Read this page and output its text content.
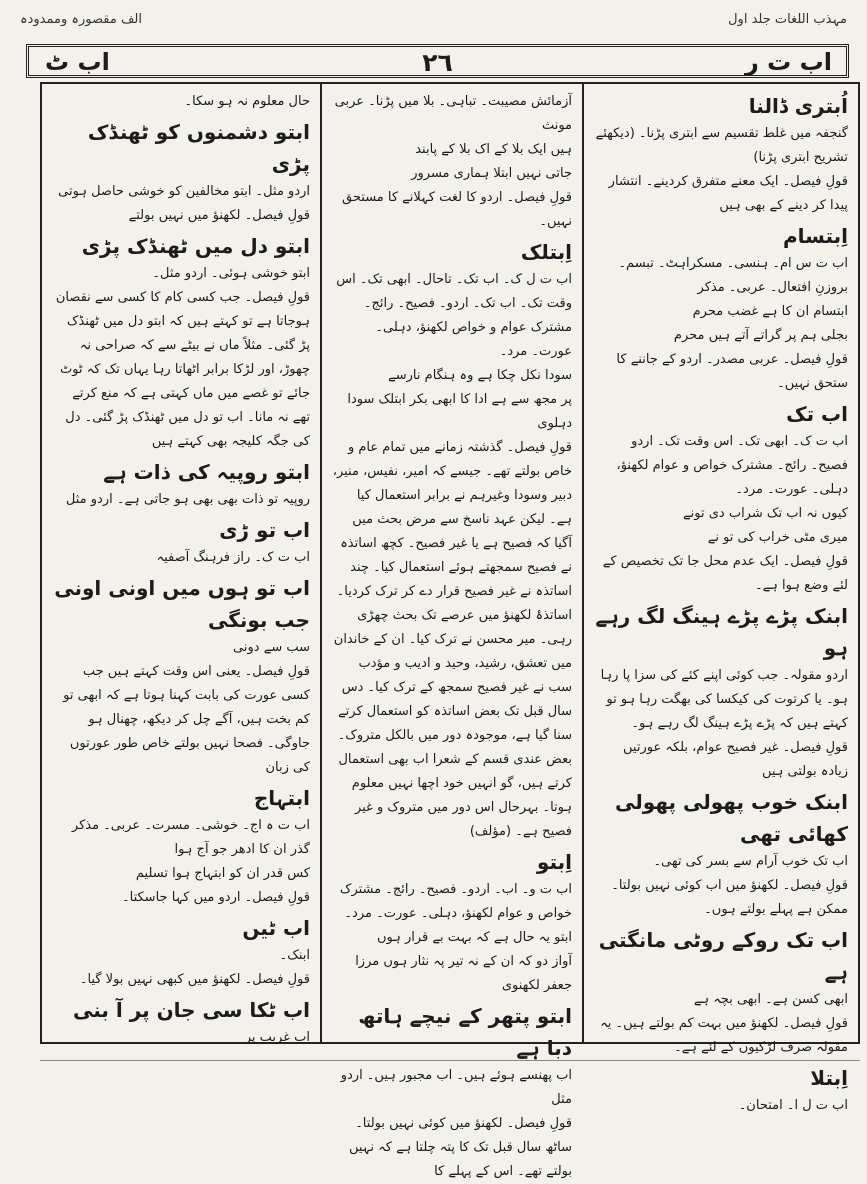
الف مقصورہ وممدودہ	مہذب اللغات جلد اول
اب ٹ	٢٦	اب ت ر
اُبتری ڈالنا
گنجفہ میں غلط تقسیم سے ابتری پڑنا۔ (دیکھئے تشریح ابتری پڑنا)
قولِ فیصل۔ ایک معنے متفرق کردینے۔ انتشار پیدا کر دینے کے بھی ہیں
اِبتسام
اب ت س ام۔ ہنسی۔ مسکراہٹ۔ تبسم۔ بروزنِ افتعال۔ عربی۔ مذکر
ابتسام ان کا ہے غضب محرم
بجلی ہم پر گراتے آتے ہیں محرم
قولِ فیصل۔ عربی مصدر۔ اردو کے جاننے کا ستحق نہیں۔
اب تک
اب ت ک۔ ابھی تک۔ اس وقت تک۔ اردو فصیح۔ رائج۔ مشترک خواص و عوام لکھنؤ، دہلی۔ عورت۔ مرد۔
کیوں نہ اب تک شراب دی تونے
میری مٹی خراب کی تو نے
قولِ فیصل۔ ایک عدم محل جا تک تخصیص کے لئے وضع ہوا ہے۔
ابنک پڑے پڑے ہینگ لگ رہے ہو
اردو مقولہ۔ جب کوئی اپنے کئے کی سزا پا رہا ہو۔ یا کرتوت کی کیکسا کی بھگت رہا ہو تو کہتے ہیں کہ پڑے پڑے ہینگ لگ رہے ہو۔
قولِ فیصل۔ غیر فصیح عوام، بلکہ عورتیں زیادہ بولتی ہیں
ابنک خوب پھولی پھولی کھائی تھی
اب تک خوب آرام سے بسر کی تھی۔
قولِ فیصل۔ لکھنؤ میں اب کوئی نہیں بولتا۔ ممکن ہے پہلے بولتے ہوں۔
اب تک روکے روٹی مانگتی ہے
ابھی کسن ہے۔ ابھی بچہ ہے
قولِ فیصل۔ لکھنؤ میں بہت کم بولتے ہیں۔ یہ مقولہ صرف لڑکیوں کے لئے ہے۔
اِبتلا
اب ت ل ا۔ امتحان۔
آزمائش مصیبت۔ تباہی۔ بلا میں پڑنا۔ عربی مونث
ہیں ایک بلا کے اک بلا کے پابند
جاتی نہیں ابتلا ہماری مسرور
قولِ فیصل۔ اردو کا لغت کہلانے کا مستحق نہیں۔
اِبتلک
اب ت ل ک۔ اب تک۔ تاحال۔ ابھی تک۔ اس وقت تک۔ اب تک۔ اردو۔ فصیح۔ رائج۔ مشترک عوام و خواص لکھنؤ، دہلی۔ عورت۔ مرد۔
سودا نکل چکا ہے وہ ہنگام نارسے
پر مجھ سے ہے ادا کا ابھی بکر ابتلک سودا دہلوی
قولِ فیصل۔ گذشتہ زمانے میں تمام عام و خاص بولتے تھے۔ جیسے کہ امیر، نفیس، منیر، دبیر وسودا وغیرہم نے برابر استعمال کیا ہے۔ لیکن عہد ناسخ سے مرض بحث میں آگیا کہ فصیح ہے یا غیر فصیح۔ کچھ اساتذہ نے فصیح سمجھتے ہوئے استعمال کیا۔ چند اساتذہ نے غیر فصیح قرار دے کر ترک کردیا۔ اساتذۂ لکھنؤ میں عرصے تک بحث چھڑی رہی۔ میر محسن نے ترک کیا۔ ان کے خاندان میں تعشق، رشید، وحید و ادیب و مؤدب سب نے غیر فصیح سمجھ کے ترک کیا۔ دس سال قبل تک بعض اساتذہ کو استعمال کرتے سنا گیا ہے، موجودہ دور میں بالکل متروک۔ بعض عندی قسم کے شعرا اب بھی استعمال کرتے ہیں، گو انہیں خود اچھا نہیں معلوم ہوتا۔ بہرحال اس دور میں متروک و غیر فصیح ہے۔ (مؤلف)
اِبتو
اب ت و۔ اب۔ اردو۔ فصیح۔ رائج۔ مشترک خواص و عوام لکھنؤ، دہلی۔ عورت۔ مرد۔
ابتو یہ حال ہے کہ بہت بے قرار ہوں
آواز دو کہ ان کے نہ تیر پہ نثار ہوں مرزا جعفر لکھنوی
ابتو پتھر کے نیچے ہاتھ دبا ہے
اب پھنسے ہوئے ہیں۔ اب مجبور ہیں۔ اردو مثل
قولِ فیصل۔ لکھنؤ میں کوئی نہیں بولتا۔ ساٹھ سال قبل تک کا پتہ چلتا ہے کہ نہیں بولتے تھے۔ اس کے پہلے کا
حال معلوم نہ ہو سکا۔
ابتو دشمنوں کو ٹھنڈک پڑی
اردو مثل۔ ابتو مخالفین کو خوشی حاصل ہوتی
قولِ فیصل۔ لکھنؤ میں نہیں بولتے
ابتو دل میں ٹھنڈک پڑی
ابتو خوشی ہوئی۔ اردو مثل۔
قولِ فیصل۔ جب کسی کام کا کسی سے نقصان ہوجاتا ہے تو کہتے ہیں کہ ابتو دل میں ٹھنڈک پڑ گئی۔ مثلاً ماں نے بیٹے سے کہ صراحی نہ چھوڑ، اور لڑکا برابر اٹھاتا رہا یہاں تک کہ ٹوٹ جائے تو غصے میں ماں کہتی ہے کہ منع کرتے تھے نہ مانا۔ اب تو دل میں ٹھنڈک پڑ گئی۔ دل کی جگہ کلیجہ بھی کہتے ہیں
ابتو روپیہ کی ذات ہے
روپیہ تو ذات بھی بھی ہو جاتی ہے۔ اردو مثل
اب تو ڑی
اب ت ک۔ راز فرہنگ آصفیہ
اب تو ہوں میں اونی اونی جب بونگی
سب سے دونی
قولِ فیصل۔ یعنی اس وقت کہتے ہیں جب کسی عورت کی بابت کہنا ہوتا ہے کہ ابھی تو کم بخت ہیں، آگے چل کر دیکھ، چھنال ہو جاوگی۔ فصحا نہیں بولتے خاص طور عورتوں کی زبان
ابتہاج
اب ت ہ اج۔ خوشی۔ مسرت۔ عربی۔ مذکر
گذر ان کا ادھر جو آج ہوا
کس قدر ان کو ابتہاج ہوا تسلیم
قولِ فیصل۔ اردو میں کہا جاسکتا۔
اب ٹیں
ابنک۔
قولِ فیصل۔ لکھنؤ میں کبھی نہیں بولا گیا۔
اب ٹکا سی جان پر آ بنی
اب غریب پر
